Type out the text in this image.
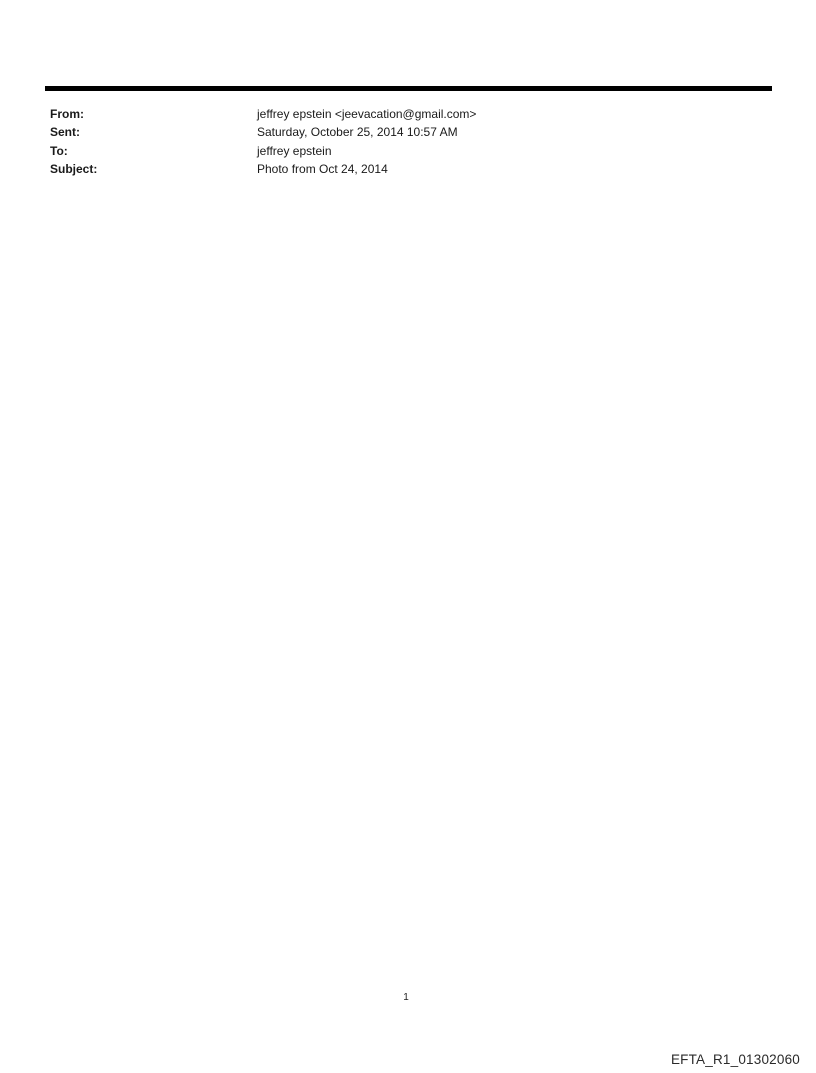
From:	jeffrey epstein <jeevacation@gmail.com>
Sent:	Saturday, October 25, 2014 10:57 AM
To:	jeffrey epstein
Subject:	Photo from Oct 24, 2014
1
EFTA_R1_01302060
